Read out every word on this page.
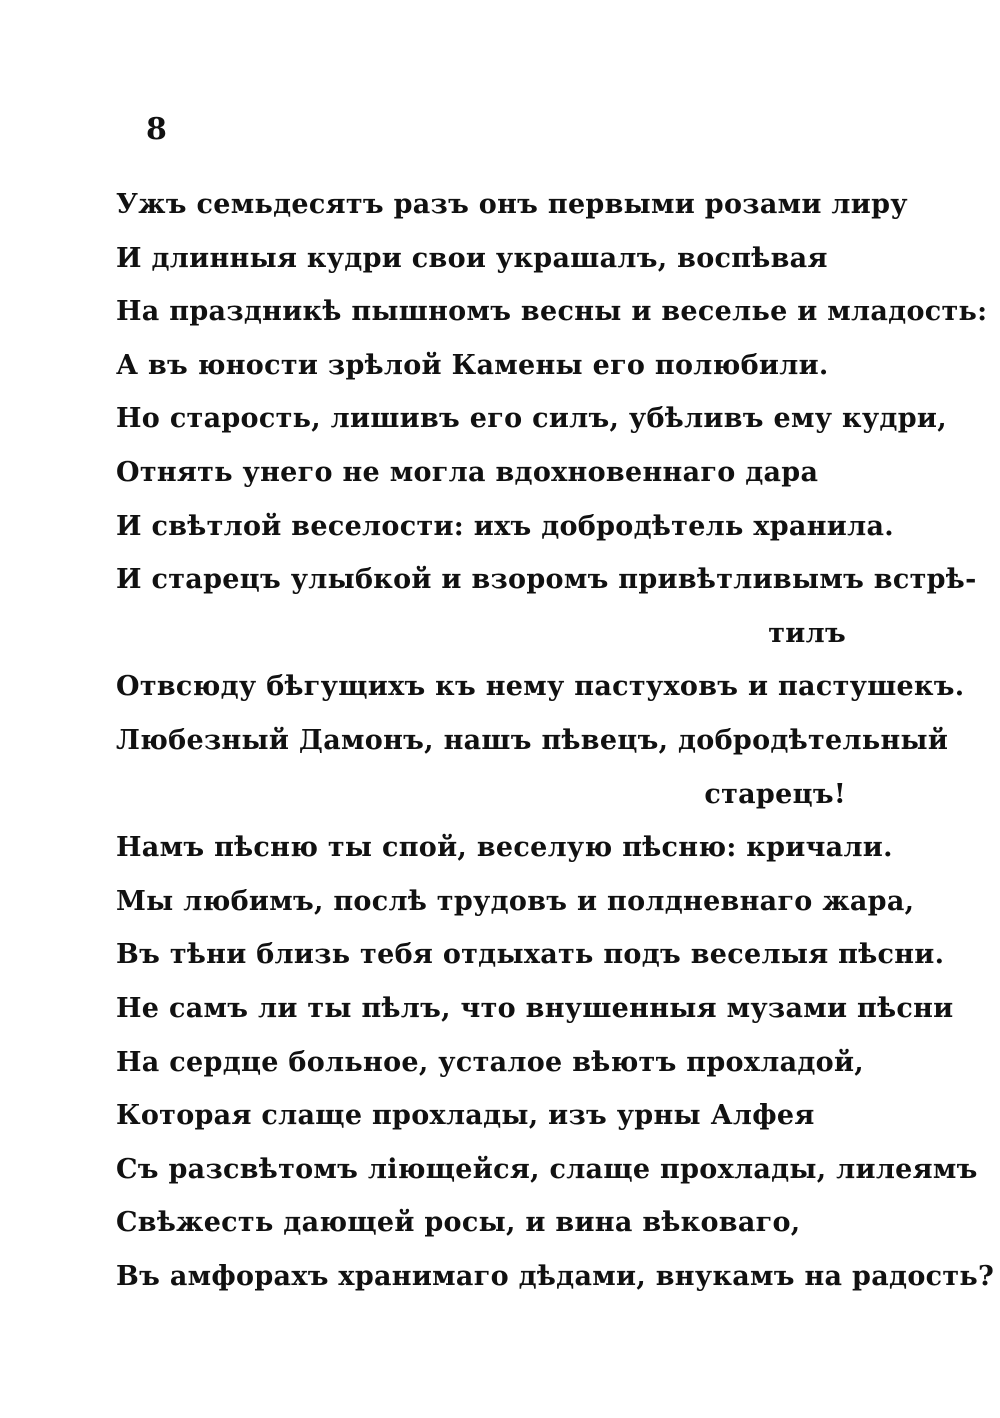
8
Ужъ семьдесятъ разъ онъ первыми розами лиру
И длинныя кудри свои украшалъ, воспѣвая
На праздникѣ пышномъ весны и веселье и младость:
А въ юности зрѣлой Камены его полюбили.
Но старость, лишивъ его силъ, убѣливъ ему кудри,
Отнять унего не могла вдохновеннаго дара
И свѣтлой веселости: ихъ добродѣтель хранила.
И старецъ улыбкой и взоромъ привѣтливымъ встрѣ-
тилъ
Отвсюду бѣгущихъ къ нему пастуховъ и пастушекъ.
Любезный Дамонъ, нашъ пѣвецъ, добродѣтельный
старецъ!
Намъ пѣсню ты спой, веселую пѣсню: кричали.
Мы любимъ, послѣ трудовъ и полдневнаго жара,
Въ тѣни близь тебя отдыхать подъ веселыя пѣсни.
Не самъ ли ты пѣлъ, что внушенныя музами пѣсни
На сердце больное, усталое вѣютъ прохладой,
Которая слаще прохлады, изъ урны Алфея
Съ разсвѣтомъ ліющейся, слаще прохлады, лилеямъ
Свѣжесть дающей росы, и вина вѣковаго,
Въ амфорахъ хранимаго дѣдами, внукамъ на радость?
